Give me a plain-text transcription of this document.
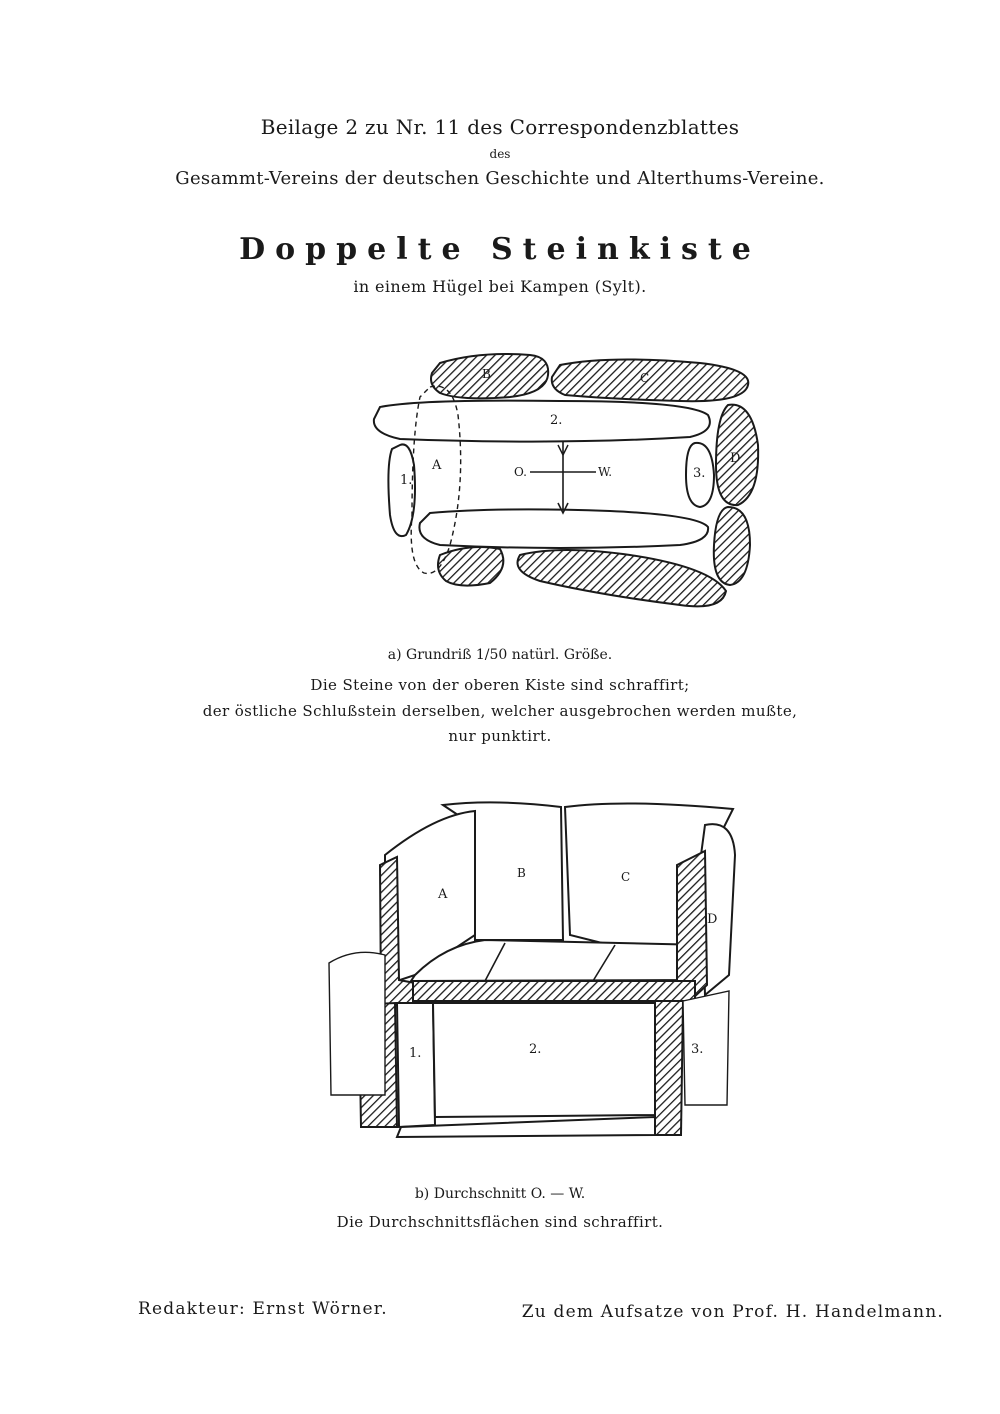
Beilage 2 zu Nr. 11 des Correspondenzblattes
des
Gesammt-Vereins der deutschen Geschichte und Alterthums-Vereine.
Doppelte Steinkiste
in einem Hügel bei Kampen (Sylt).
B	C
D
A
2.
1.	3.
O.	W.
a) Grundriß 1/50 natürl. Größe.
Die Steine von der oberen Kiste sind schraffirt;
der östliche Schlußstein derselben, welcher ausgebrochen werden mußte,
nur punktirt.
A
B	C
D
1.	2.	3.
b) Durchschnitt O. — W.
Die Durchschnittsflächen sind schraffirt.
Redakteur: Ernst Wörner.	Zu dem Aufsatze von Prof. H. Handelmann.
